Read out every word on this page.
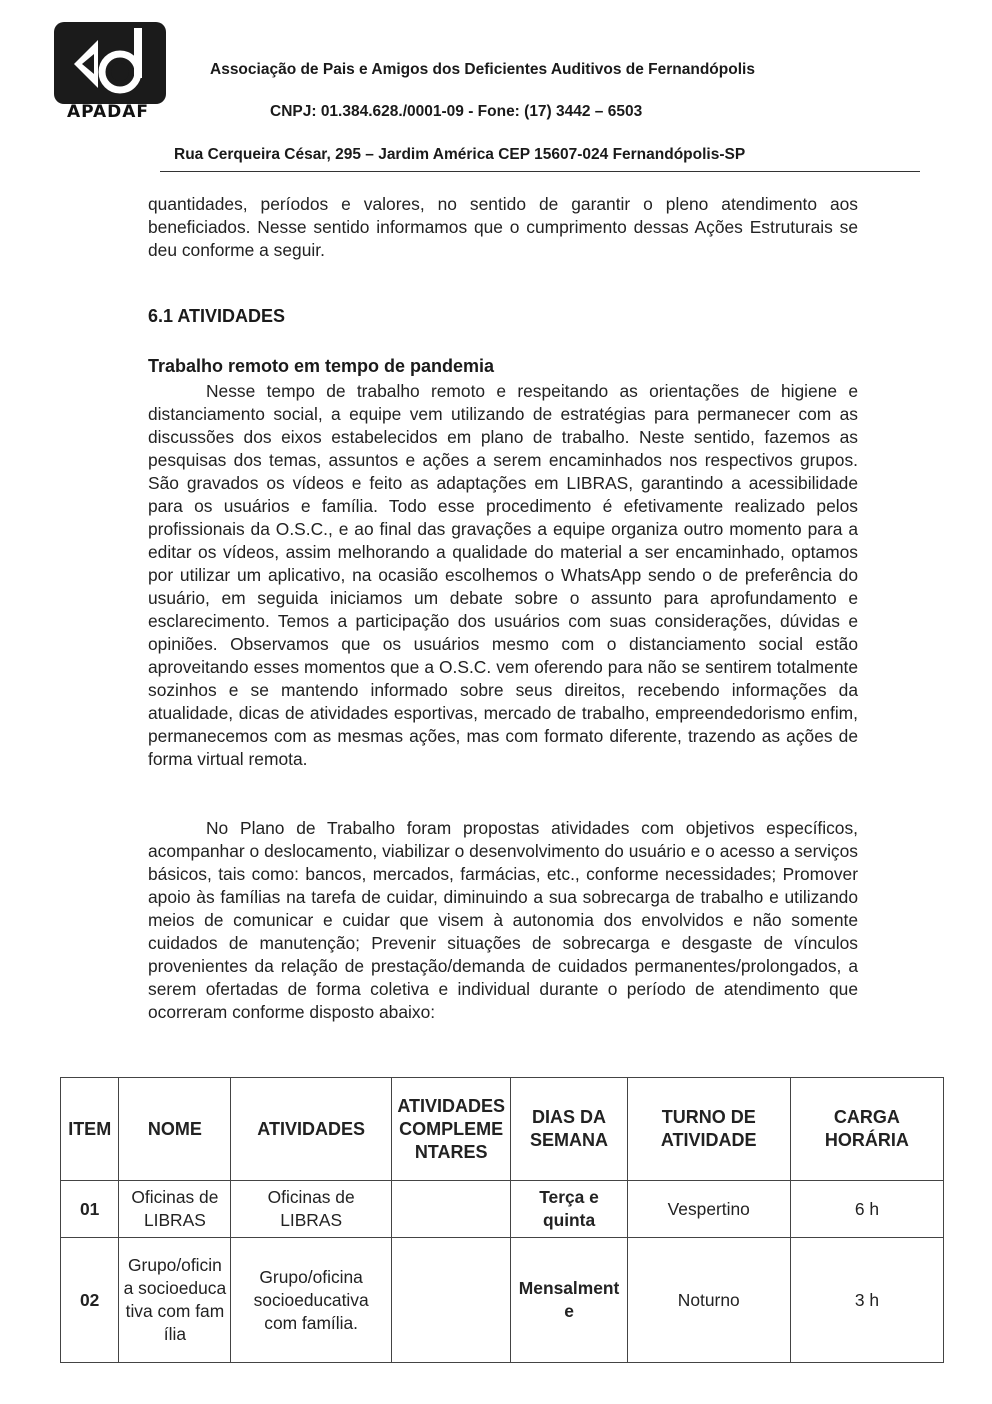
APADAF
Associação de Pais e Amigos dos Deficientes Auditivos de Fernandópolis
CNPJ: 01.384.628./0001-09 - Fone: (17) 3442 – 6503
Rua Cerqueira César, 295 – Jardim América CEP 15607-024 Fernandópolis-SP
quantidades, períodos e valores, no sentido de garantir o pleno atendimento aos beneficiados. Nesse sentido informamos que o cumprimento dessas Ações Estruturais se deu conforme a seguir.
6.1 ATIVIDADES
Trabalho remoto em tempo de pandemia
Nesse tempo de trabalho remoto e respeitando as orientações de higiene e distanciamento social, a equipe vem utilizando de estratégias para permanecer com as discussões dos eixos estabelecidos em plano de trabalho. Neste sentido, fazemos as pesquisas dos temas, assuntos e ações a serem encaminhados nos respectivos grupos. São gravados os vídeos e feito as adaptações em LIBRAS, garantindo a acessibilidade para os usuários e família. Todo esse procedimento é efetivamente realizado pelos profissionais da O.S.C., e ao final das gravações a equipe organiza outro momento para a editar os vídeos, assim melhorando a qualidade do material a ser encaminhado, optamos por utilizar um aplicativo, na ocasião escolhemos o WhatsApp sendo o de preferência do usuário, em seguida iniciamos um debate sobre o assunto para aprofundamento e esclarecimento. Temos a participação dos usuários com suas considerações, dúvidas e opiniões. Observamos que os usuários mesmo com o distanciamento social estão aproveitando esses momentos que a O.S.C. vem oferendo para não se sentirem totalmente sozinhos e se mantendo informado sobre seus direitos, recebendo informações da atualidade, dicas de atividades esportivas, mercado de trabalho, empreendedorismo enfim, permanecemos com as mesmas ações, mas com formato diferente, trazendo as ações de forma virtual remota.
No Plano de Trabalho foram propostas atividades com objetivos específicos, acompanhar o deslocamento, viabilizar o desenvolvimento do usuário e o acesso a serviços básicos, tais como: bancos, mercados, farmácias, etc., conforme necessidades; Promover apoio às famílias na tarefa de cuidar, diminuindo a sua sobrecarga de trabalho e utilizando meios de comunicar e cuidar que visem à autonomia dos envolvidos e não somente cuidados de manutenção; Prevenir situações de sobrecarga e desgaste de vínculos provenientes da relação de prestação/demanda de cuidados permanentes/prolongados, a serem ofertadas de forma coletiva e individual durante o período de atendimento que ocorreram conforme disposto abaixo:
ITEM	NOME	ATIVIDADES	ATIVIDADES COMPLEMENTARES	DIAS DA SEMANA	TURNO DE ATIVIDADE	CARGA HORÁRIA
01	Oficinas de LIBRAS	Oficinas de LIBRAS		Terça e quinta	Vespertino	6 h
02	Grupo/oficina socioeducativa com família	Grupo/oficina socioeducativa com família.		Mensalmente	Noturno	3 h
